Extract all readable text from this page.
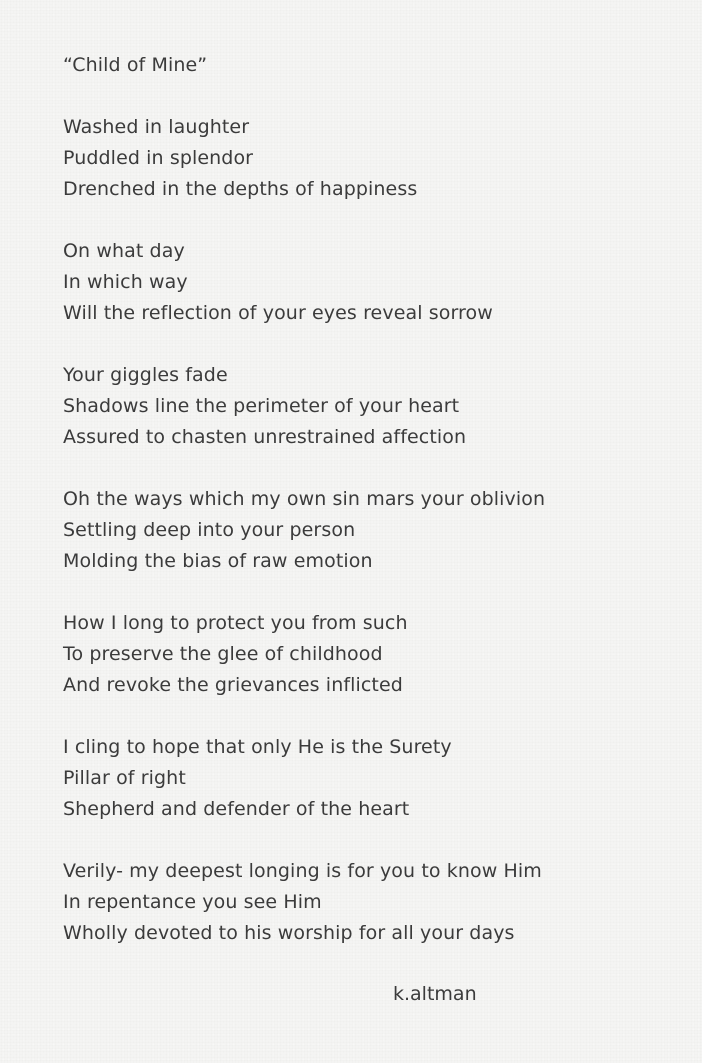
“Child of Mine”
Washed in laughter
Puddled in splendor
Drenched in the depths of happiness
On what day
In which way
Will the reflection of your eyes reveal sorrow
Your giggles fade
Shadows line the perimeter of your heart
Assured to chasten unrestrained affection
Oh the ways which my own sin mars your oblivion
Settling deep into your person
Molding the bias of raw emotion
How I long to protect you from such
To preserve the glee of childhood
And revoke the grievances inflicted
I cling to hope that only He is the Surety
Pillar of right
Shepherd and defender of the heart
Verily- my deepest longing is for you to know Him
In repentance you see Him
Wholly devoted to his worship for all your days
k.altman
